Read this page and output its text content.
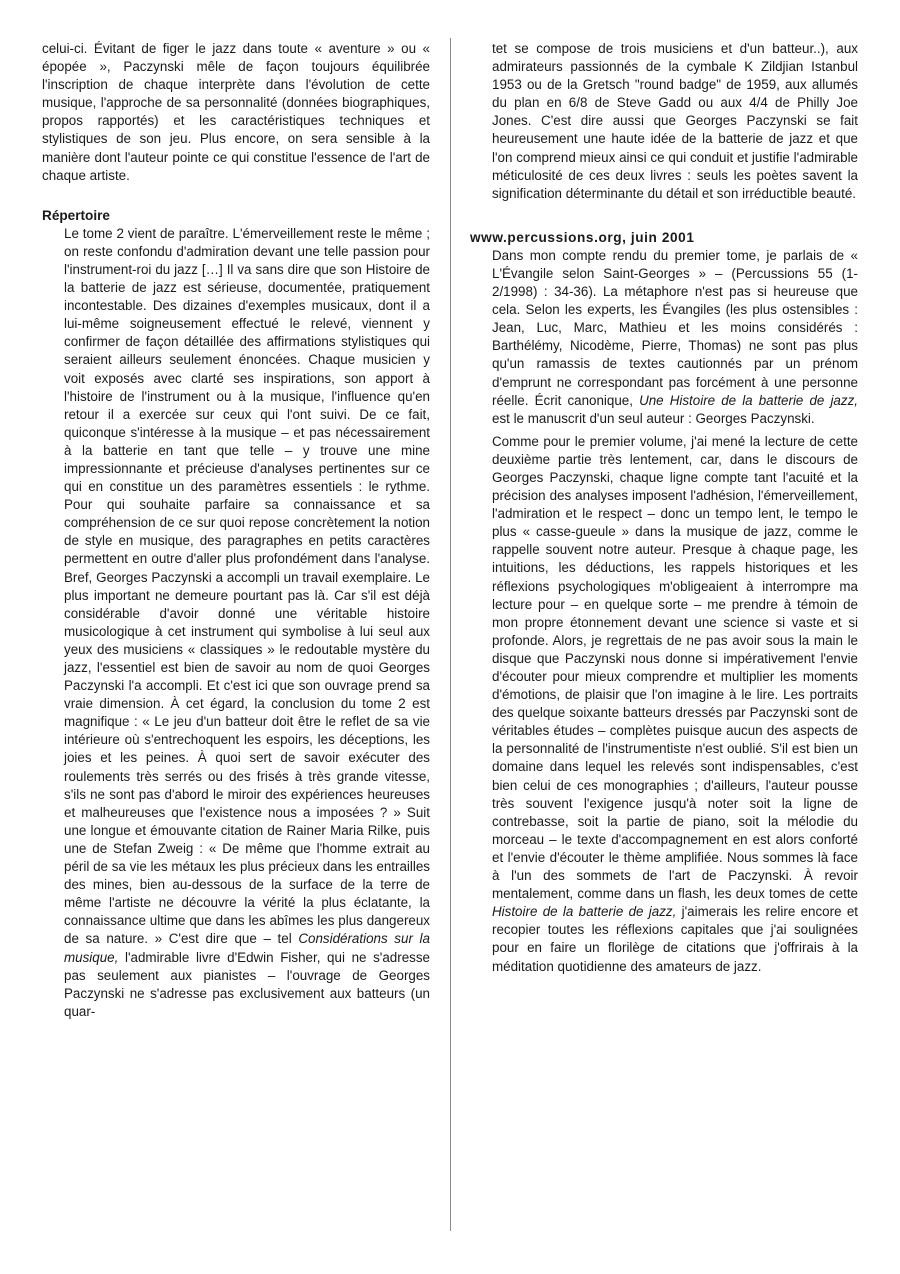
celui-ci. Évitant de figer le jazz dans toute « aventure » ou « épopée », Paczynski mêle de façon toujours équilibrée l'inscription de chaque interprète dans l'évolution de cette musique, l'approche de sa personnalité (données biographiques, propos rapportés) et les caractéristiques techniques et stylistiques de son jeu. Plus encore, on sera sensible à la manière dont l'auteur pointe ce qui constitue l'essence de l'art de chaque artiste.

Répertoire

Le tome 2 vient de paraître. L'émerveillement reste le même ; on reste confondu d'admiration devant une telle passion pour l'instrument-roi du jazz […] Il va sans dire que son Histoire de la batterie de jazz est sérieuse, documentée, pratiquement incontestable. Des dizaines d'exemples musicaux, dont il a lui-même soigneusement effectué le relevé, viennent y confirmer de façon détaillée des affirmations stylistiques qui seraient ailleurs seulement énoncées. Chaque musicien y voit exposés avec clarté ses inspirations, son apport à l'histoire de l'instrument ou à la musique, l'influence qu'en retour il a exercée sur ceux qui l'ont suivi. De ce fait, quiconque s'intéresse à la musique – et pas nécessairement à la batterie en tant que telle – y trouve une mine impressionnante et précieuse d'analyses pertinentes sur ce qui en constitue un des paramètres essentiels : le rythme. Pour qui souhaite parfaire sa connaissance et sa compréhension de ce sur quoi repose concrètement la notion de style en musique, des paragraphes en petits caractères permettent en outre d'aller plus profondément dans l'analyse. Bref, Georges Paczynski a accompli un travail exemplaire. Le plus important ne demeure pourtant pas là. Car s'il est déjà considérable d'avoir donné une véritable histoire musicologique à cet instrument qui symbolise à lui seul aux yeux des musiciens « classiques » le redoutable mystère du jazz, l'essentiel est bien de savoir au nom de quoi Georges Paczynski l'a accompli. Et c'est ici que son ouvrage prend sa vraie dimension. À cet égard, la conclusion du tome 2 est magnifique : « Le jeu d'un batteur doit être le reflet de sa vie intérieure où s'entrechoquent les espoirs, les déceptions, les joies et les peines. À quoi sert de savoir exécuter des roulements très serrés ou des frisés à très grande vitesse, s'ils ne sont pas d'abord le miroir des expériences heureuses et malheureuses que l'existence nous a imposées ? » Suit une longue et émouvante citation de Rainer Maria Rilke, puis une de Stefan Zweig : « De même que l'homme extrait au péril de sa vie les métaux les plus précieux dans les entrailles des mines, bien au-dessous de la surface de la terre de même l'artiste ne découvre la vérité la plus éclatante, la connaissance ultime que dans les abîmes les plus dangereux de sa nature. » C'est dire que – tel Considérations sur la musique, l'admirable livre d'Edwin Fisher, qui ne s'adresse pas seulement aux pianistes – l'ouvrage de Georges Paczynski ne s'adresse pas exclusivement aux batteurs (un quar-

tet se compose de trois musiciens et d'un batteur..), aux admirateurs passionnés de la cymbale K Zildjian Istanbul 1953 ou de la Gretsch "round badge" de 1959, aux allumés du plan en 6/8 de Steve Gadd ou aux 4/4 de Philly Joe Jones. C'est dire aussi que Georges Paczynski se fait heureusement une haute idée de la batterie de jazz et que l'on comprend mieux ainsi ce qui conduit et justifie l'admirable méticulosité de ces deux livres : seuls les poètes savent la signification déterminante du détail et son irréductible beauté.

www.percussions.org, juin 2001

Dans mon compte rendu du premier tome, je parlais de « L'Évangile selon Saint-Georges » – (Percussions 55 (1-2/1998) : 34-36). La métaphore n'est pas si heureuse que cela. Selon les experts, les Évangiles (les plus ostensibles : Jean, Luc, Marc, Mathieu et les moins considérés : Barthélémy, Nicodème, Pierre, Thomas) ne sont pas plus qu'un ramassis de textes cautionnés par un prénom d'emprunt ne correspondant pas forcément à une personne réelle. Écrit canonique, Une Histoire de la batterie de jazz, est le manuscrit d'un seul auteur : Georges Paczynski.

Comme pour le premier volume, j'ai mené la lecture de cette deuxième partie très lentement, car, dans le discours de Georges Paczynski, chaque ligne compte tant l'acuité et la précision des analyses imposent l'adhésion, l'émerveillement, l'admiration et le respect – donc un tempo lent, le tempo le plus « casse-gueule » dans la musique de jazz, comme le rappelle souvent notre auteur. Presque à chaque page, les intuitions, les déductions, les rappels historiques et les réflexions psychologiques m'obligeaient à interrompre ma lecture pour – en quelque sorte – me prendre à témoin de mon propre étonnement devant une science si vaste et si profonde. Alors, je regrettais de ne pas avoir sous la main le disque que Paczynski nous donne si impérativement l'envie d'écouter pour mieux comprendre et multiplier les moments d'émotions, de plaisir que l'on imagine à le lire. Les portraits des quelque soixante batteurs dressés par Paczynski sont de véritables études – complètes puisque aucun des aspects de la personnalité de l'instrumentiste n'est oublié. S'il est bien un domaine dans lequel les relevés sont indispensables, c'est bien celui de ces monographies ; d'ailleurs, l'auteur pousse très souvent l'exigence jusqu'à noter soit la ligne de contrebasse, soit la partie de piano, soit la mélodie du morceau – le texte d'accompagnement en est alors conforté et l'envie d'écouter le thème amplifiée. Nous sommes là face à l'un des sommets de l'art de Paczynski. À revoir mentalement, comme dans un flash, les deux tomes de cette Histoire de la batterie de jazz, j'aimerais les relire encore et recopier toutes les réflexions capitales que j'ai soulignées pour en faire un florilège de citations que j'offrirais à la méditation quotidienne des amateurs de jazz.
